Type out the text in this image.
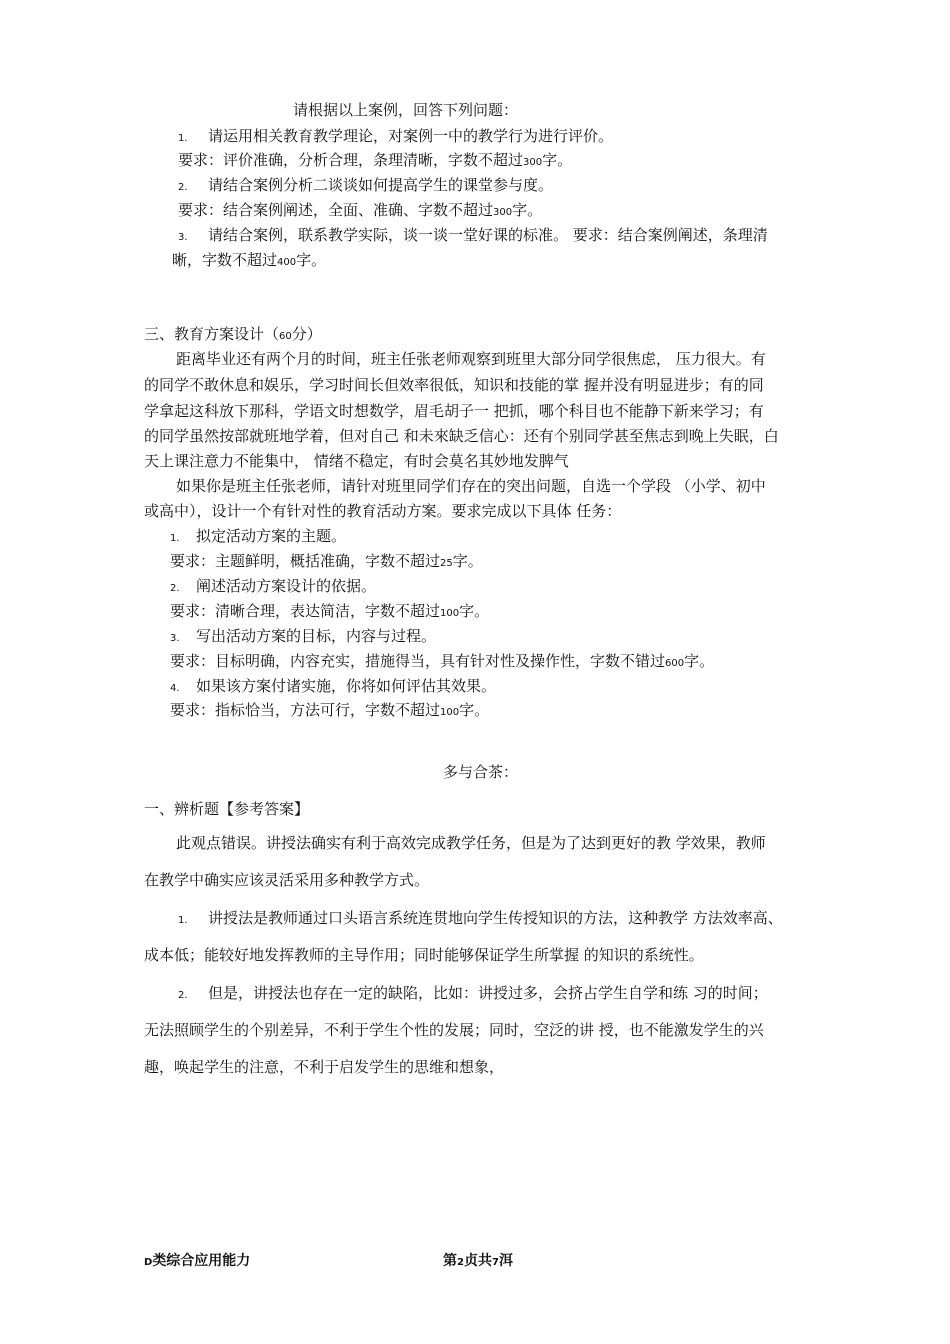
请根据以上案例，回答下列问题：
1. 请运用相关教育教学理论，对案例一中的教学行为进行评价。
要求：评价准确，分析合理，条理清晰，字数不超过300字。
2. 请结合案例分析二谈谈如何提高学生的课堂参与度。
要求：结合案例阐述，全面、准确、字数不超过300字。
3. 请结合案例，联系教学实际，谈一谈一堂好课的标准。 要求：结合案例阐述，条理清
晰，字数不超过400字。
三、教育方案设计（60分）
距离毕业还有两个月的时间，班主任张老师观察到班里大部分同学很焦虑， 压力很大。有
的同学不敢休息和娱乐，学习时间长但效率很低，知识和技能的掌 握并没有明显进步；有的同
学拿起这科放下那科，学语文时想数学，眉毛胡子一 把抓，哪个科目也不能静下新来学习；有
的同学虽然按部就班地学着，但对自己 和未來缺乏信心：还有个别同学甚至焦志到晚上失眠，白
天上课注意力不能集中， 情绪不稳定，有时会莫名其妙地发脾气
如果你是班主任张老师，请针对班里同学们存在的突出问题，自选一个学段 （小学、初中
或高中），设计一个有针对性的教育活动方案。要求完成以下具体 任务：
1. 拟定活动方案的主题。
要求：主题鲜明，概括准确，字数不超过25字。
2. 阐述活动方案设计的依据。
要求：清晰合理，表达简洁，字数不超过100字。
3. 写出活动方案的目标，内容与过程。
要求：目标明确，内容充实，措施得当，具有针对性及操作性，字数不错过600字。
4. 如果该方案付诸实施，你将如何评估其效果。
要求：指标恰当，方法可行，字数不超过100字。
多与合茶：
一、辨析题【参考答案】
此观点错误。讲授法确实有利于高效完成教学任务，但是为了达到更好的教 学效果，教师
在教学中确实应该灵活采用多种教学方式。
1. 讲授法是教师通过口头语言系统连贯地向学生传授知识的方法，这种教学 方法效率高、
成本低；能较好地发挥教师的主导作用；同时能够保证学生所掌握 的知识的系统性。
2. 但是，讲授法也存在一定的缺陷，比如：讲授过多，会挤占学生自学和练 习的时间；
无法照顾学生的个别差异，不利于学生个性的发展；同时，空泛的讲 授，也不能激发学生的兴
趣，唤起学生的注意，不利于启发学生的思维和想象，
D类综合应用能力	第2贞共7洱
